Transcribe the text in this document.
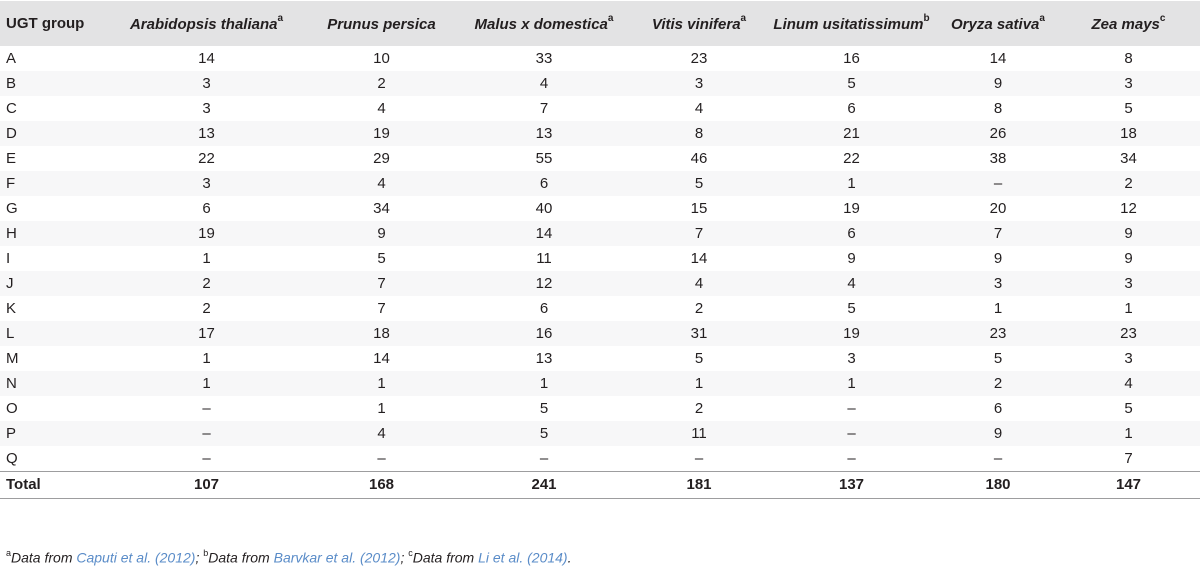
UGT group	Arabidopsis thaliana$^a$	Prunus persica	Malus x domestica$^a$	Vitis vinifera$^a$	Linum usitatissimum$^b$	Oryza sativa$^a$	Zea mays$^c$
A	14	10	33	23	16	14	8
B	3	2	4	3	5	9	3
C	3	4	7	4	6	8	5
D	13	19	13	8	21	26	18
E	22	29	55	46	22	38	34
F	3	4	6	5	1	–	2
G	6	34	40	15	19	20	12
H	19	9	14	7	6	7	9
I	1	5	11	14	9	9	9
J	2	7	12	4	4	3	3
K	2	7	6	2	5	1	1
L	17	18	16	31	19	23	23
M	1	14	13	5	3	5	3
N	1	1	1	1	1	2	4
O	–	1	5	2	–	6	5
P	–	4	5	11	–	9	1
Q	–	–	–	–	–	–	7
Total	107	168	241	181	137	180	147
$^a$Data from Caputi et al. (2012); $^b$Data from Barvkar et al. (2012); $^c$Data from Li et al. (2014).
